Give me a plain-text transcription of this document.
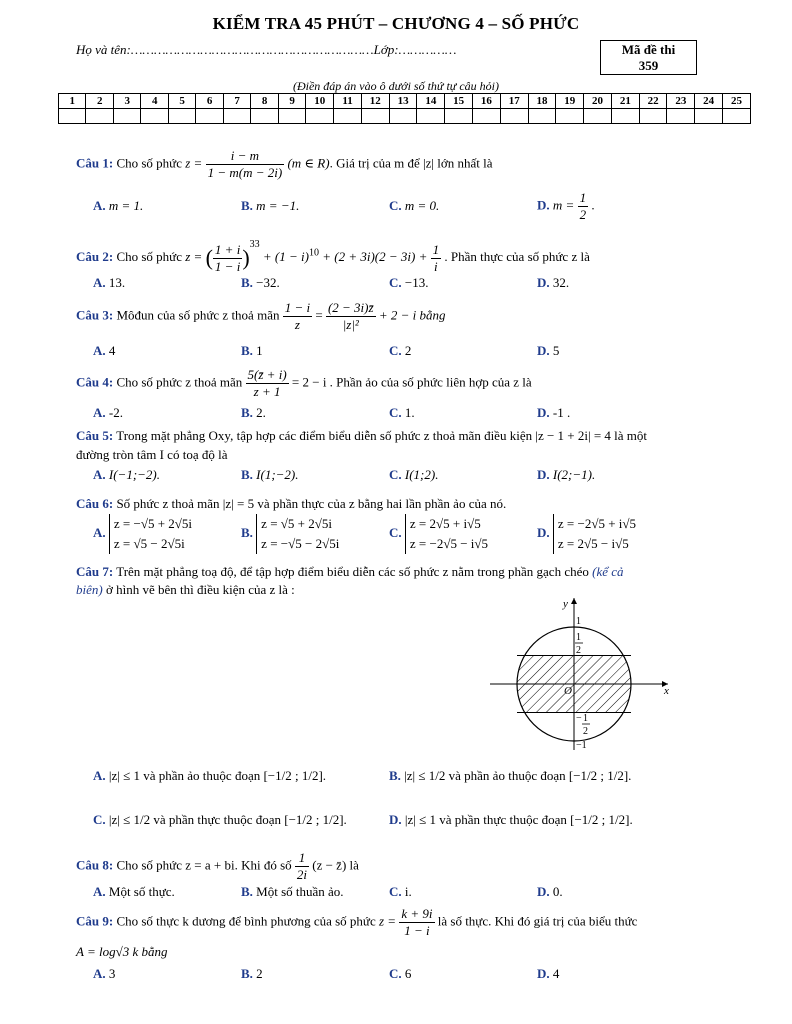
KIỂM TRA 45 PHÚT – CHƯƠNG 4 – SỐ PHỨC
Họ và tên:………………………………………………………Lớp:……………	Mã đề thi
359
(Điền đáp án vào ô dưới số thứ tự câu hỏi)
1	2	3	4	5	6	7	8	9	10	11	12	13	14	15	16	17	18	19	20	21	22	23	24	25

Câu 1: Cho số phức $z = \frac{i - m}{1 - m(m - 2i)} (m$ ∈ R). Giá trị của m để |z| lớn nhất là
A. m = 1.	B. m = −1.	C. m = 0.	D. $m = \frac{1}{2}$ .
Câu 2: Cho số phức z = ( $\frac{1 + i}{1 - i} )^{33} + (1 - i)^{10} + (2 + 3i)(2 - 3i) + \frac{1}{i}$ . Phần thực của số phức z là
A. 13.	B. −32.	C. −13.	D. 32.
Câu 3: Môđun của số phức z thoả mãn $\frac{1 - i}{z} = \frac{(2 - 3i)z̄}{\text{|z|²}} + 2 - i$ bằng
A. 4	B. 1	C. 2	D. 5
Câu 4: Cho số phức z thoả mãn $\frac{5(z̄ + i)}{z + 1} = 2 - i$ . Phần ảo của số phức liên hợp của z là
A. -2.	B. 2.	C. 1.	D. -1 .
Câu 5: Trong mặt phẳng Oxy, tập hợp các điểm biểu diễn số phức z thoả mãn điều kiện |z − 1 + 2i| = 4 là một
đường tròn tâm I có toạ độ là
A. I(−1;−2).	B. I(1;−2).	C. I(1;2).	D. I(2;−1).
Câu 6: Số phức z thoả mãn |z| = 5 và phần thực của z bằng hai lần phần ảo của nó.
A. z = −√5 + 2√5i
z = √5 − 2√5i
B. z = √5 + 2√5i
z = −√5 − 2√5i
C. z = 2√5 + i√5
z = −2√5 − i√5
D. z = −2√5 + i√5
z = 2√5 − i√5
Câu 7: Trên mặt phẳng toạ độ, để tập hợp điểm biểu diễn các số phức z nằm trong phần gạch chéo (kể cả
biên) ở hình vẽ bên thì điều kiện của z là :
y
x
O
1
1
2
− 1
2
−1
A. |z| ≤ 1 và phần ảo thuộc đoạn [−1/2 ; 1/2].	B. |z| ≤ 1/2 và phần ảo thuộc đoạn [−1/2 ; 1/2].
C. |z| ≤ 1/2 và phần thực thuộc đoạn [−1/2 ; 1/2].	D. |z| ≤ 1 và phần thực thuộc đoạn [−1/2 ; 1/2].
Câu 8: Cho số phức z = a + bi. Khi đó số $\frac{1}{2i} (z$ − z̄) là
A. Một số thực.	B. Một số thuần ảo.	C. i.	D. 0.
Câu 9: Cho số thực k dương để bình phương của số phức $z = \frac{k + 9i}{1 - i}$ là số thực. Khi đó giá trị của biểu thức
A = log√3 k bằng
A. 3	B. 2	C. 6	D. 4
